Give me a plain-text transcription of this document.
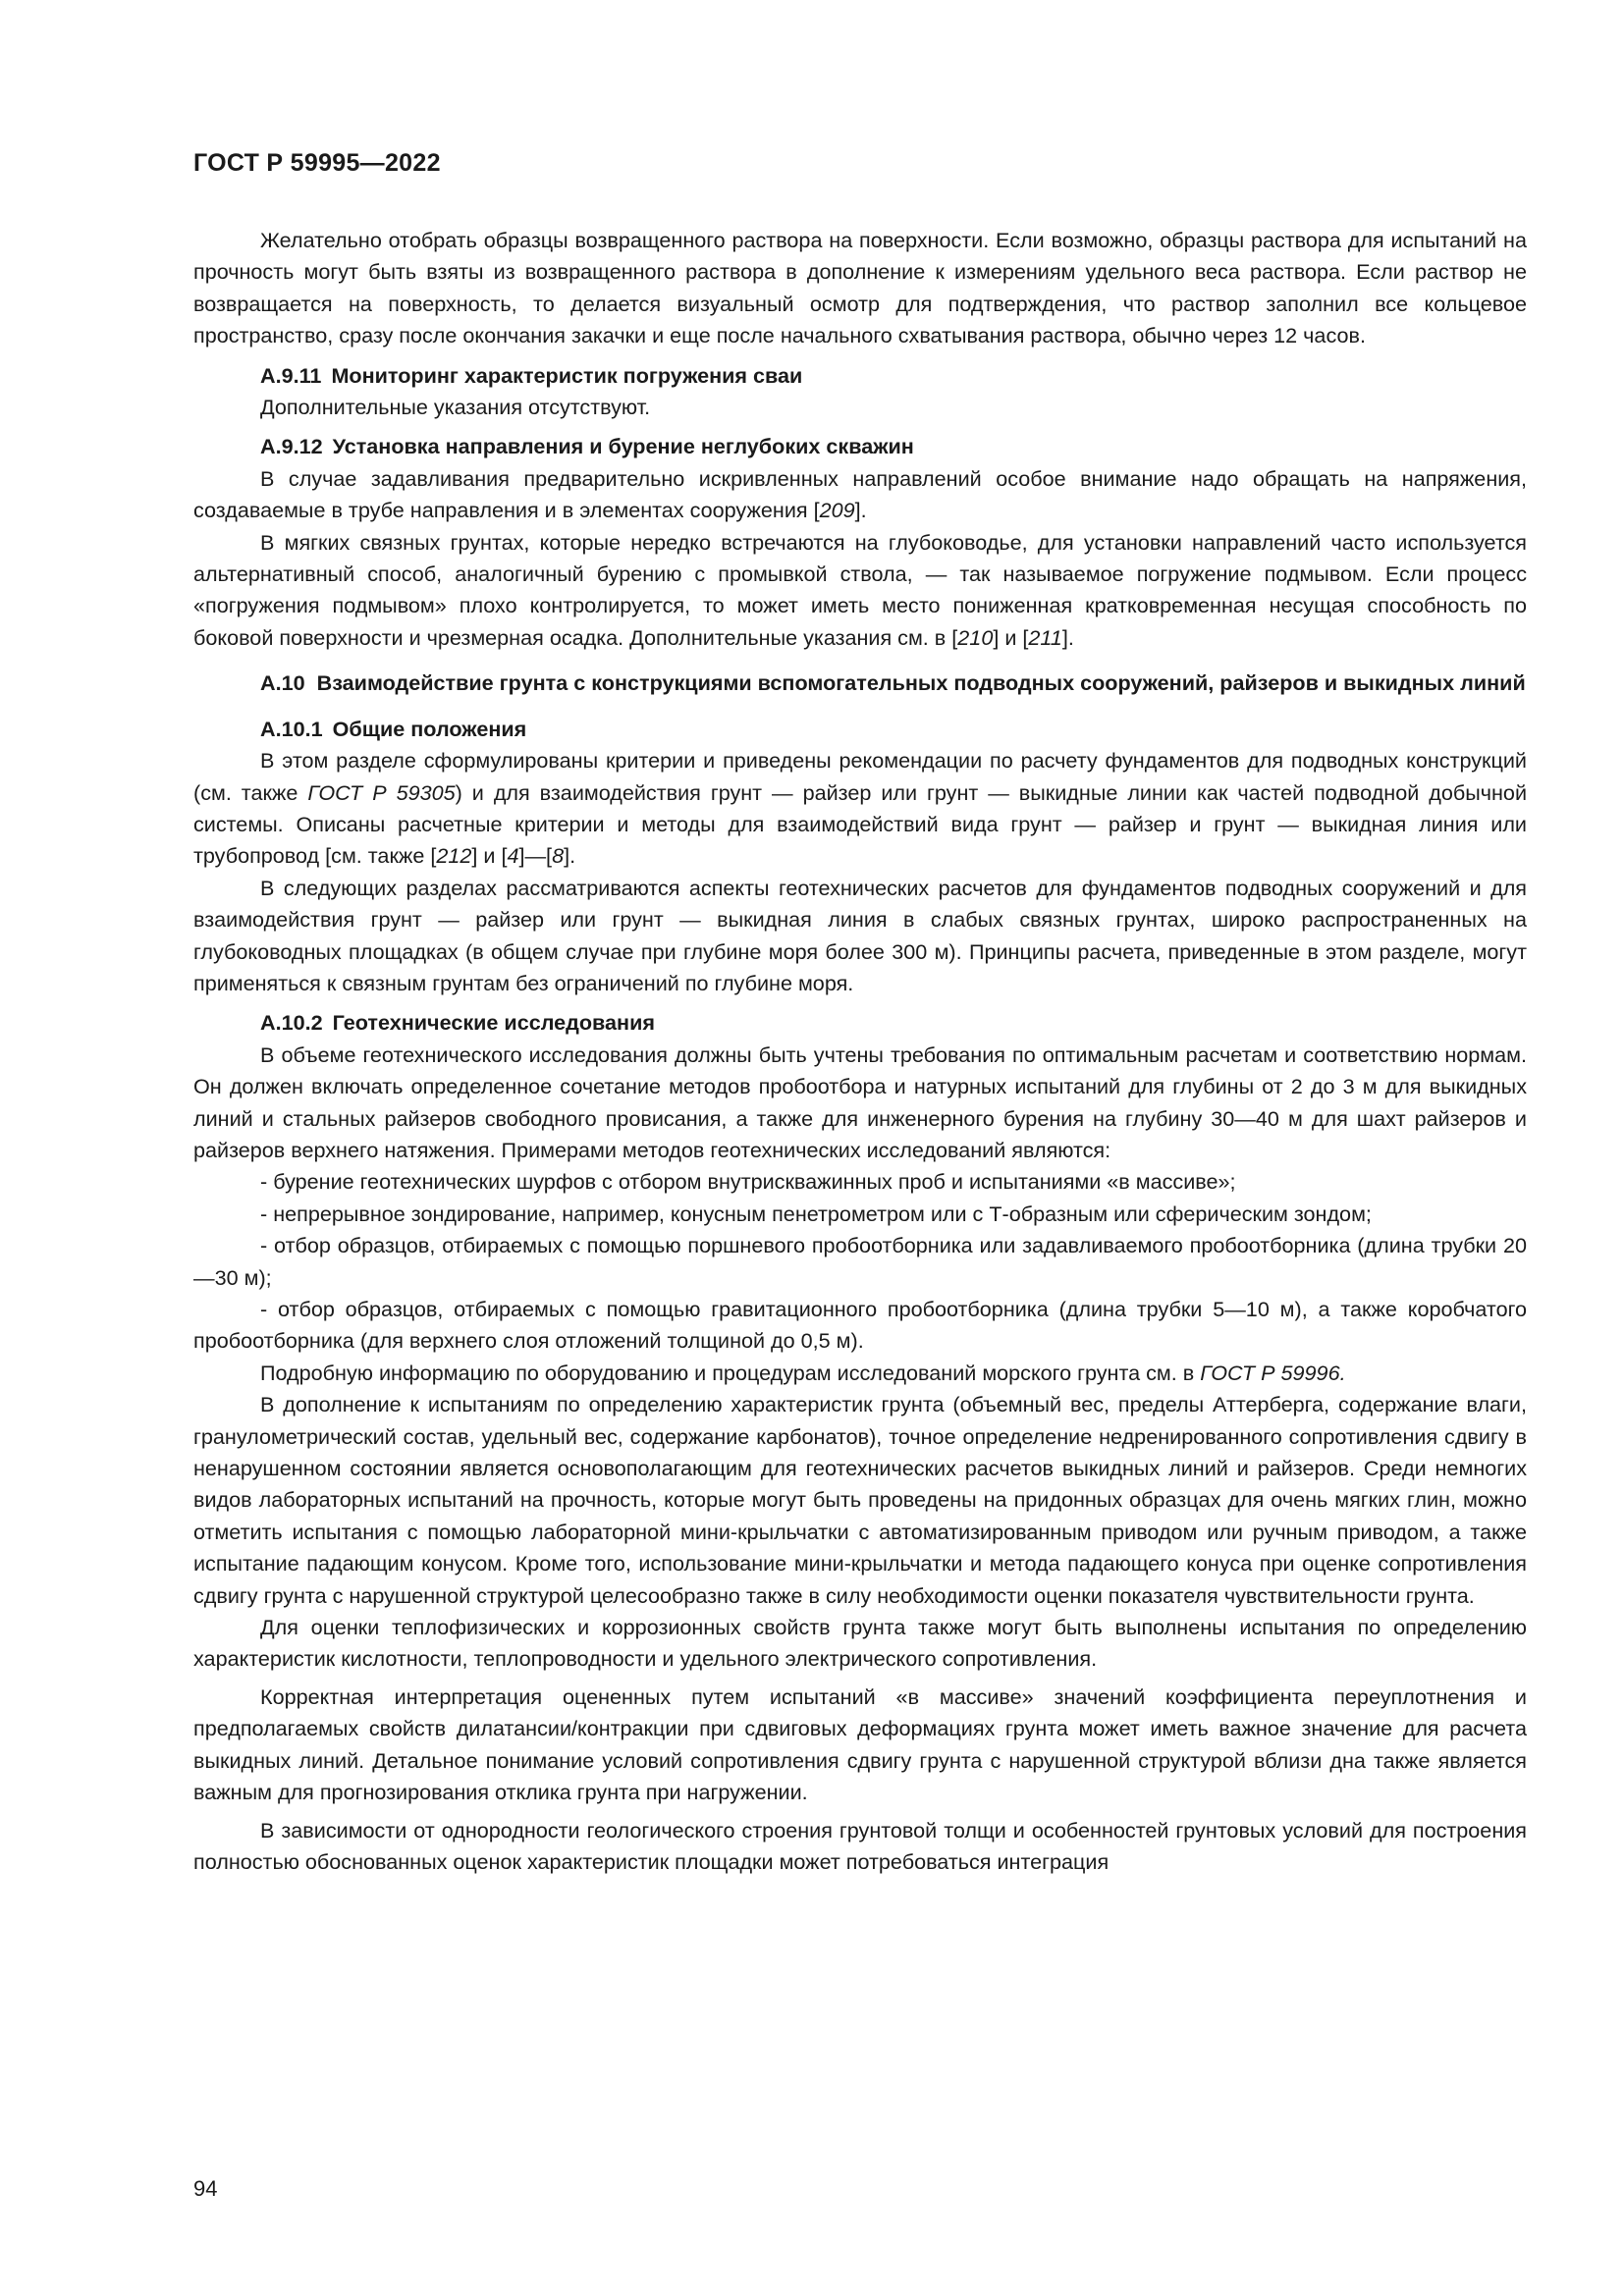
ГОСТ Р 59995—2022

Желательно отобрать образцы возвращенного раствора на поверхности. Если возможно, образцы раствора для испытаний на прочность могут быть взяты из возвращенного раствора в дополнение к измерениям удельного веса раствора. Если раствор не возвращается на поверхность, то делается визуальный осмотр для подтверждения, что раствор заполнил все кольцевое пространство, сразу после окончания закачки и еще после начального схватывания раствора, обычно через 12 часов.

А.9.11 Мониторинг характеристик погружения сваи

Дополнительные указания отсутствуют.

А.9.12 Установка направления и бурение неглубоких скважин

В случае задавливания предварительно искривленных направлений особое внимание надо обращать на напряжения, создаваемые в трубе направления и в элементах сооружения [209].

В мягких связных грунтах, которые нередко встречаются на глубоководье, для установки направлений часто используется альтернативный способ, аналогичный бурению с промывкой ствола, — так называемое погружение подмывом. Если процесс «погружения подмывом» плохо контролируется, то может иметь место пониженная кратковременная несущая способность по боковой поверхности и чрезмерная осадка. Дополнительные указания см. в [210] и [211].

А.10 Взаимодействие грунта с конструкциями вспомогательных подводных сооружений, райзеров и выкидных линий

А.10.1 Общие положения

В этом разделе сформулированы критерии и приведены рекомендации по расчету фундаментов для подводных конструкций (см. также ГОСТ Р 59305) и для взаимодействия грунт — райзер или грунт — выкидные линии как частей подводной добычной системы. Описаны расчетные критерии и методы для взаимодействий вида грунт — райзер и грунт — выкидная линия или трубопровод [см. также [212] и [4]—[8].

В следующих разделах рассматриваются аспекты геотехнических расчетов для фундаментов подводных сооружений и для взаимодействия грунт — райзер или грунт — выкидная линия в слабых связных грунтах, широко распространенных на глубоководных площадках (в общем случае при глубине моря более 300 м). Принципы расчета, приведенные в этом разделе, могут применяться к связным грунтам без ограничений по глубине моря.

А.10.2 Геотехнические исследования

В объеме геотехнического исследования должны быть учтены требования по оптимальным расчетам и соответствию нормам. Он должен включать определенное сочетание методов пробоотбора и натурных испытаний для глубины от 2 до 3 м для выкидных линий и стальных райзеров свободного провисания, а также для инженерного бурения на глубину 30—40 м для шахт райзеров и райзеров верхнего натяжения. Примерами методов геотехнических исследований являются:

- бурение геотехнических шурфов с отбором внутрискважинных проб и испытаниями «в массиве»;

- непрерывное зондирование, например, конусным пенетрометром или с Т-образным или сферическим зондом;

- отбор образцов, отбираемых с помощью поршневого пробоотборника или задавливаемого пробоотборника (длина трубки 20—30 м);

- отбор образцов, отбираемых с помощью гравитационного пробоотборника (длина трубки 5—10 м), а также коробчатого пробоотборника (для верхнего слоя отложений толщиной до 0,5 м).

Подробную информацию по оборудованию и процедурам исследований морского грунта см. в ГОСТ Р 59996.

В дополнение к испытаниям по определению характеристик грунта (объемный вес, пределы Аттерберга, содержание влаги, гранулометрический состав, удельный вес, содержание карбонатов), точное определение недренированного сопротивления сдвигу в ненарушенном состоянии является основополагающим для геотехнических расчетов выкидных линий и райзеров. Среди немногих видов лабораторных испытаний на прочность, которые могут быть проведены на придонных образцах для очень мягких глин, можно отметить испытания с помощью лабораторной мини-крыльчатки с автоматизированным приводом или ручным приводом, а также испытание падающим конусом. Кроме того, использование мини-крыльчатки и метода падающего конуса при оценке сопротивления сдвигу грунта с нарушенной структурой целесообразно также в силу необходимости оценки показателя чувствительности грунта.

Для оценки теплофизических и коррозионных свойств грунта также могут быть выполнены испытания по определению характеристик кислотности, теплопроводности и удельного электрического сопротивления.

Корректная интерпретация оцененных путем испытаний «в массиве» значений коэффициента переуплотнения и предполагаемых свойств дилатансии/контракции при сдвиговых деформациях грунта может иметь важное значение для расчета выкидных линий. Детальное понимание условий сопротивления сдвигу грунта с нарушенной структурой вблизи дна также является важным для прогнозирования отклика грунта при нагружении.

В зависимости от однородности геологического строения грунтовой толщи и особенностей грунтовых условий для построения полностью обоснованных оценок характеристик площадки может потребоваться интеграция

94
